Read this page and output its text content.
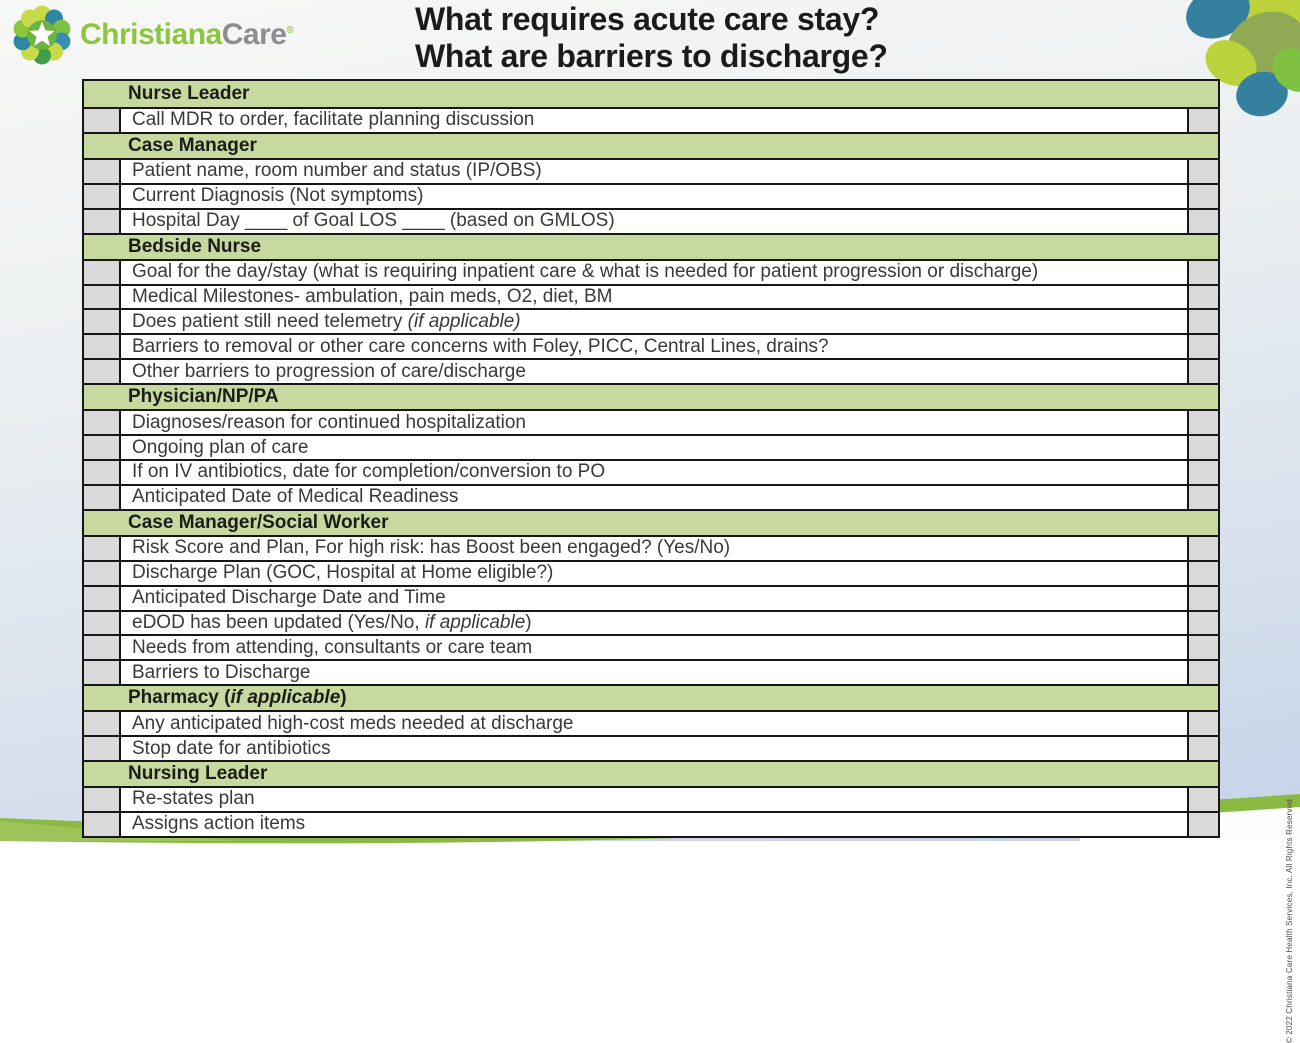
ChristianaCare®	What requires acute care stay?
What are barriers to discharge?
Nurse Leader
Call MDR to order, facilitate planning discussion
Case Manager
Patient name, room number and status (IP/OBS)
Current Diagnosis (Not symptoms)
Hospital Day ____ of Goal LOS ____ (based on GMLOS)
Bedside Nurse
Goal for the day/stay (what is requiring inpatient care & what is needed for patient progression or discharge)
Medical Milestones- ambulation, pain meds, O2, diet, BM
Does patient still need telemetry (if applicable)
Barriers to removal or other care concerns with Foley, PICC, Central Lines, drains?
Other barriers to progression of care/discharge
Physician/NP/PA
Diagnoses/reason for continued hospitalization
Ongoing plan of care
If on IV antibiotics, date for completion/conversion to PO
Anticipated Date of Medical Readiness
Case Manager/Social Worker
Risk Score and Plan, For high risk: has Boost been engaged? (Yes/No)
Discharge Plan (GOC, Hospital at Home eligible?)
Anticipated Discharge Date and Time
eDOD has been updated (Yes/No, if applicable)
Needs from attending, consultants or care team
Barriers to Discharge
Pharmacy (if applicable)
Any anticipated high-cost meds needed at discharge
Stop date for antibiotics
Nursing Leader
Re-states plan
Assigns action items	© 2022 Christiana Care Health Services, Inc. All Rights Reserved
